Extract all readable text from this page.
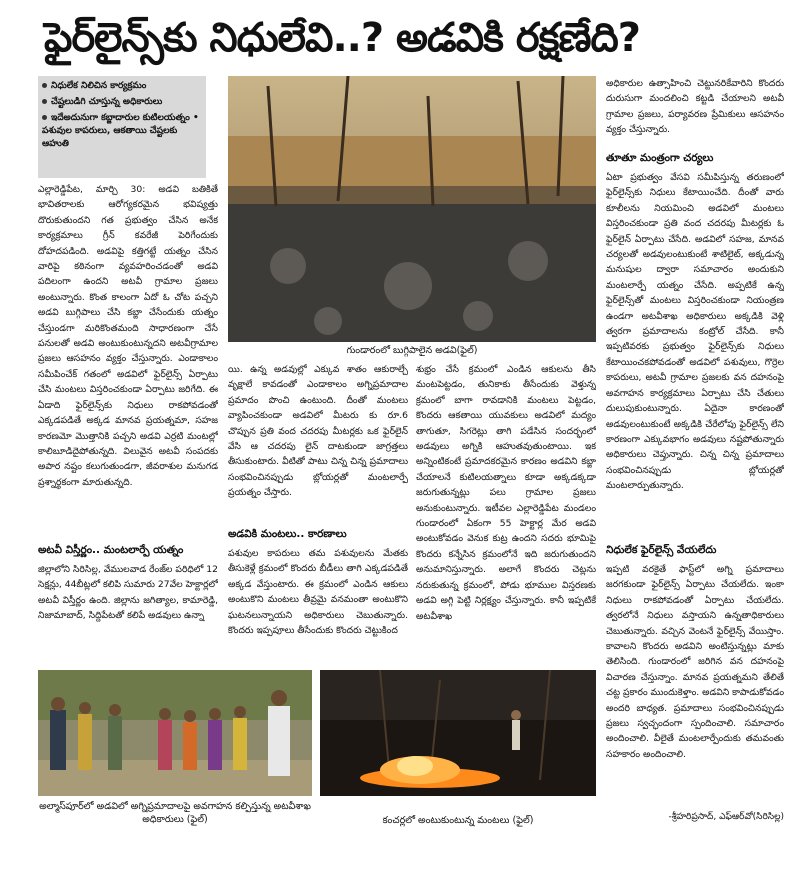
ఫైర్‌లైన్స్‌కు నిధులేవి..? అడవికి రక్షణేది?
నిధులేక నిలిచిన కార్యక్రమం
చేష్టలుడిగి చూస్తున్న అధికారులు
ఇదేఅదునుగా కబ్జాదారుల కుటిలయత్నం • పశువుల కాపరులు, ఆకతాయి చేష్టలకు ఆహుతి
ఎల్లారెడ్డిపేట, మార్చి 30: అడవి బతికితే భావితరాలకు ఆరోగ్యకరమైన భవిష్యత్తు దొరుకుతుందని గత ప్రభుత్వం చేసిన అనేక కార్యక్రమాలు గ్రీన్ కవరేజీ పెరిగేందుకు దోహదపడింది. అడవిపై కత్తిగట్టే యత్నం చేసిన వారిపై కఠినంగా వ్యవహరించడంతో అడవి పదిలంగా ఉందని అటవీ గ్రామాల ప్రజలు అంటున్నారు. కొంత కాలంగా ఏదో ఓ చోట పచ్చని అడవి బుగ్గిపాలు చేసి కబ్జా చేసేందుకు యత్నం చేస్తుండగా మరికొంతమంది సాధారణంగా చేసే పనులతో అడవి అంటుకుంటున్నదని అటవీగ్రామాల ప్రజలు ఆసహనం వ్యక్తం చేస్తున్నారు. ఎండాకాలం సమీపించేక్ గతంలో అడవిలో ఫైర్‌లైన్స్ ఏర్పాటు చేసి మంటలు విస్తరించకుండా ఏర్పాటు జరిగేది. ఈ ఏడాది ఫైర్‌లైన్స్‌కు నిధులు రాకపోవడంతో ఎక్కడపడితే అక్కడ మానవ ప్రయత్నమా, సహజ కారణమో మొత్తానికి పచ్చని అడవి ఎర్రటి మంటల్లో కాలిబూడిదైపోతున్నది. విలువైన అటవీ సంపదకు అపార నష్టం కలుగుతుండగా, జీవరాశుల మనుగడ ప్రశ్నార్థకంగా మారుతున్నది.
అటవీ విస్తీర్ణం.. మంటలార్పే యత్నం
జిల్లాలోని సిరిసిల్ల, వేములవాడ రేంజ్‌ల పరిధిలో 12 సెక్షన్లు, 44బీట్లలో కలిపి సుమారు 27వేల హెక్టార్లలో అటవీ విస్తీర్ణం ఉంది. జిల్లాను జగిత్యాల, కామారెడ్డి, నిజామాబాద్, సిద్దిపేటతో కలిపే అడవులు ఉన్నా
గుండారంలో బుగ్గిపాలైన అడవి(ఫైల్)
యి. ఉన్న అడవుల్లో ఎక్కువ శాతం ఆకురాల్చే వృక్షాలే కావడంతో ఎండాకాలం అగ్నిప్రమాదాల ప్రమాదం పొంచి ఉంటుంది. దీంతో మంటలు వ్యాపించకుండా అడవిలో మీటరు కు రూ.6 చొప్పున ప్రతి వంద చదరపు మీటర్లకు ఒక ఫైర్‌లైన్ వేసి ఆ చదరపు లైన్ దాటకుండా జాగ్రత్తలు తీసుకుంటారు. వీటితో పాటు చిన్న చిన్న ప్రమాదాలు సంభవించినప్పుడు బ్లోయర్లతో మంటలార్పే ప్రయత్నం చేస్తారు.
అడవికి మంటలు.. కారణాలు
పశువుల కాపరులు తమ పశువులను మేతకు తీసుకెళ్లే క్రమంలో కొందరు బీడీలు తాగి ఎక్కడపడితే అక్కడ వేస్తుంటారు. ఈ క్రమంలో ఎండిన ఆకులు అంటుకొని మంటలు తీవ్రమై వనమంతా అంటుకొని ఘటనలున్నాయని అధికారులు చెబుతున్నారు. కొందరు ఇప్పపూలు తీసేందుకు కొందరు చెట్టుకింద
శుభ్రం చేసే క్రమంలో ఎండిన ఆకులను తీసి మంటపెట్టడం, తునికాకు తీసేందుకు వెళ్తున్న క్రమంలో బాగా రావడానికి మంటలు పెట్టడం, కొందరు ఆకతాయి యువకులు అడవిలో మద్యం తాగుతూ, సిగరెట్లు తాగి పడేసిన సందర్భంలో అడవులు అగ్నికి ఆహుతవుతుంటాయి. ఇక అన్నింటికంటే ప్రమాదకరమైన కారణం అడవిని కబ్జా చేయాలనే కుటిలయత్నాలు కూడా అక్కడక్కడా జరుగుతున్నట్లు పలు గ్రామాల ప్రజలు అనుకుంటున్నారు. ఇటీవల ఎల్లారెడ్డిపేట మండలం గుండారంలో ఏకంగా 55 హెక్టార్ల మేర అడవి అంటుకోవడం వెనుక కుట్ర ఉందని సదరు భూమిపై కొందరు కన్నేసిన క్రమంలోనే ఇది జరుగుతుందని అనుమానిస్తున్నారు. అలాగే కొందరు చెట్లను నరుకుతున్న క్రమంలో, పోడు భూముల విస్తరణకు అడవి అగ్గి పెట్టి నిర్లక్ష్యం చేస్తున్నారు. కానీ ఇప్పటికే అటవీశాఖ
అధికారుల ఉత్సాహించి చెట్టునరికేవారిని కొందరు దురుసుగా మందలించి కట్టడి చేయాలని అటవీ గ్రామాల ప్రజలు, పర్యావరణ ప్రేమికులు ఆసహనం వ్యక్తం చేస్తున్నారు.
తూతూ మంత్రంగా చర్యలు
ఏటా ప్రభుత్వం వేసవి సమీపిస్తున్న తరుణంలో ఫైర్‌లైన్స్‌కు నిధులు కేటాయించేది. దీంతో వారు కూలీలను నియమించి అడవిలో మంటలు విస్తరించకుండా ప్రతి వంద చదరపు మీటర్లకు ఓ ఫైర్‌లైన్ ఏర్పాటు చేసేది. అడవిలో సహజ, మానవ చర్యలతో అడవులంటుకుంటే శాటిలైట్, అక్కడున్న మనుషుల ద్వారా సమాచారం అందుకుని మంటలార్పే యత్నం చేసేది. అప్పటికే ఉన్న ఫైర్‌లైన్స్‌తో మంటలు విస్తరించకుండా నియంత్రణ ఉండగా అటవీశాఖ అధికారులు అక్కడికి వెళ్లి త్వరగా ప్రమాదాలను కంట్రోల్ చేసేది. కానీ ఇప్పటివరకు ప్రభుత్వం ఫైర్‌లైన్స్‌కు నిధులు కేటాయించకపోవడంతో అడవిలో పశువులు, గొర్రెల కాపరులు, అటవీ గ్రామాల ప్రజలకు వన దహనంపై అవగాహన కార్యక్రమాలు ఏర్పాటు చేసి చేతులు దులుపుకుంటున్నారు. ఏదైనా కారణంతో అడవులంటుకుంటే అక్కడికి చేరేలోపు ఫైర్‌లైన్స్ లేని కారణంగా ఎక్కువభాగం అడవులు నష్టపోతున్నారు అధికారులు చెప్తున్నారు. చిన్న చిన్న ప్రమాదాలు సంభవించినప్పుడు బ్లోయర్లతో మంటలార్పుతున్నారు.
నిధులేక ఫైర్‌లైన్స్ వేయలేదు
ఇప్పటి వరకైతే ఫాస్ట్‌లో అగ్ని ప్రమాదాలు జరగకుండా ఫైర్‌లైన్స్ ఏర్పాటు చేయలేదు. ఇంకా నిధులు రాకపోవడంతో ఏర్పాటు చేయలేదు. త్వరలోనే నిధులు వస్తాయని ఉన్నతాధికారులు చెబుతున్నారు. వచ్చిన వెంటనే ఫైర్‌లైన్స్ వేయిస్తాం. కావాలని కొందరు అడవిని అంటిస్తున్నట్లు మాకు తెలిసింది. గుండారంలో జరిగిన వన దహనంపై విచారణ చేస్తున్నాం. మానవ ప్రయత్నమని తేలితే చట్ట ప్రకారం ముందుకెళ్తాం. అడవిని కాపాడుకోవడం అందరి బాధ్యత. ప్రమాదాలు సంభవించినప్పుడు ప్రజలు స్వచ్ఛందంగా స్పందించాలి. సమాచారం అందించాలి. వీలైతే మంటలార్పేందుకు తమవంతు సహకారం అందించాలి.
-శ్రీహరిప్రసాద్, ఎఫ్ఆర్‌వో(సిరిసిల్ల)
అల్మాస్‌పూర్‌లో అడవిలో అగ్నిప్రమాదాలపై అవగాహన కల్పిస్తున్న అటవీశాఖ అధికారులు (ఫైల్)	కంచర్లలో అంటుకుంటున్న మంటలు (ఫైల్)
